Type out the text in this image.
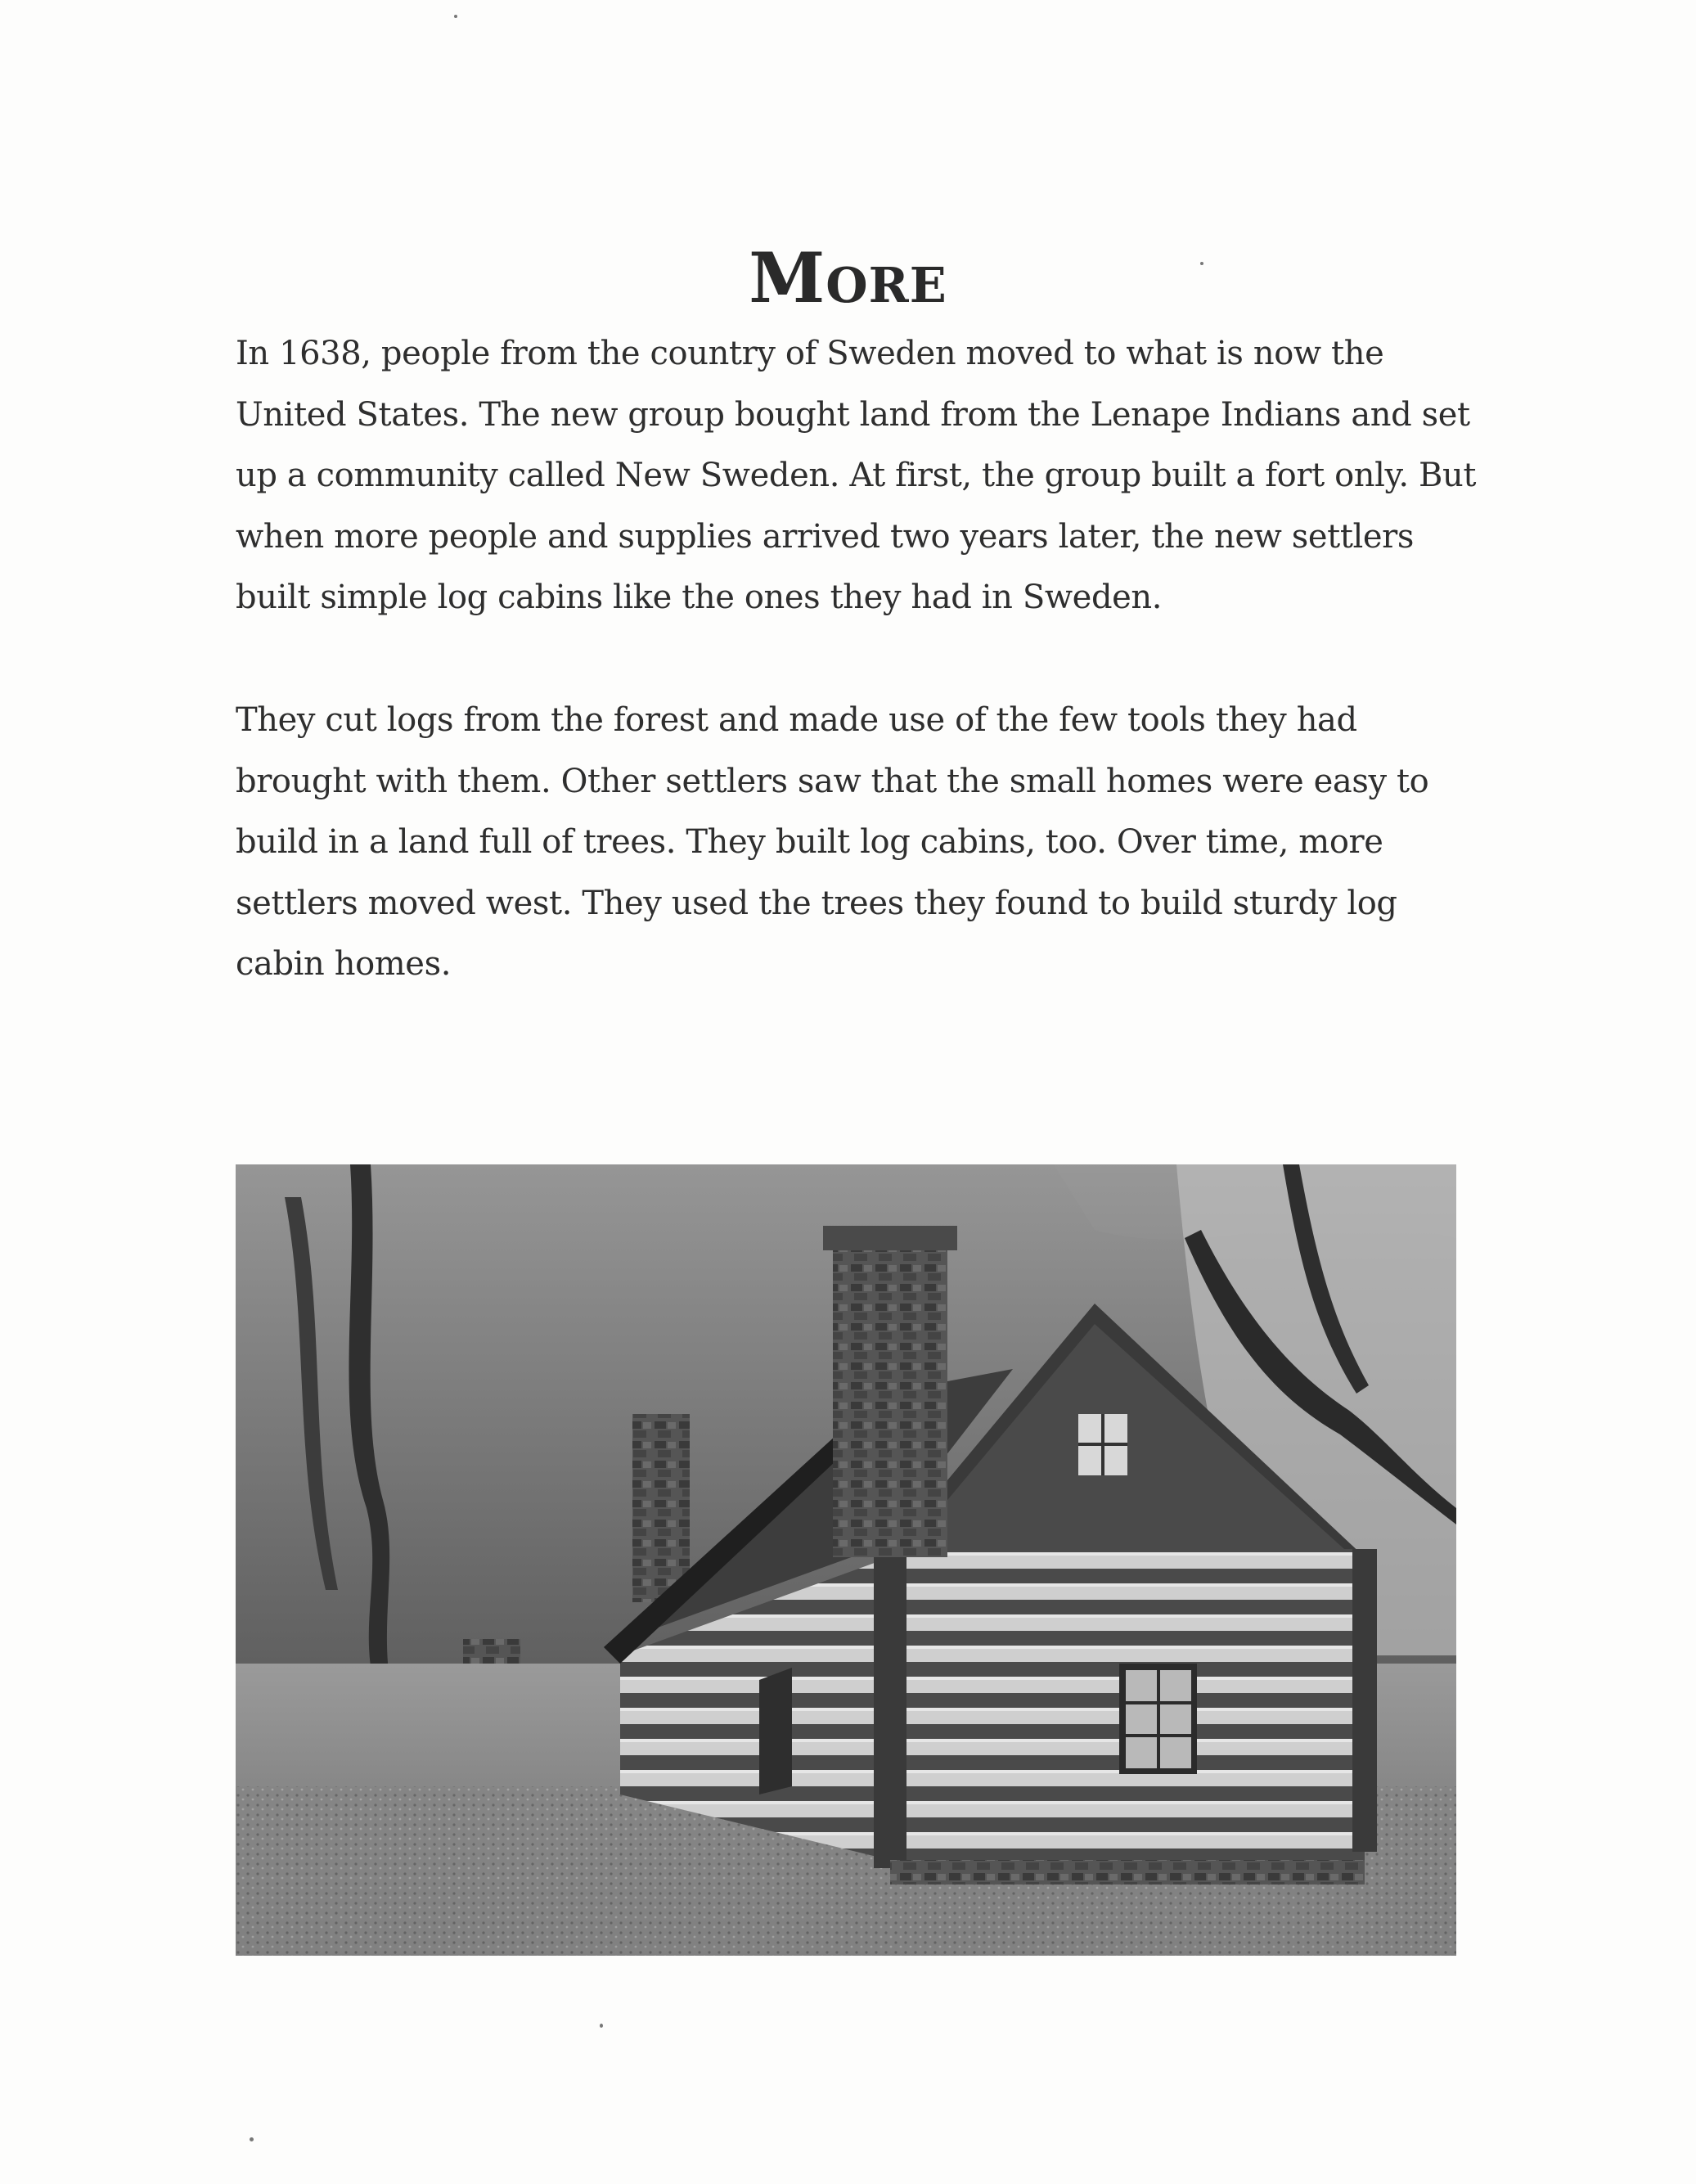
More

In 1638, people from the country of Sweden moved to what is now the United States. The new group bought land from the Lenape Indians and set up a community called New Sweden. At first, the group built a fort only. But when more people and supplies arrived two years later, the new settlers built simple log cabins like the ones they had in Sweden.

They cut logs from the forest and made use of the few tools they had brought with them. Other settlers saw that the small homes were easy to build in a land full of trees. They built log cabins, too. Over time, more settlers moved west. They used the trees they found to build sturdy log cabin homes.
